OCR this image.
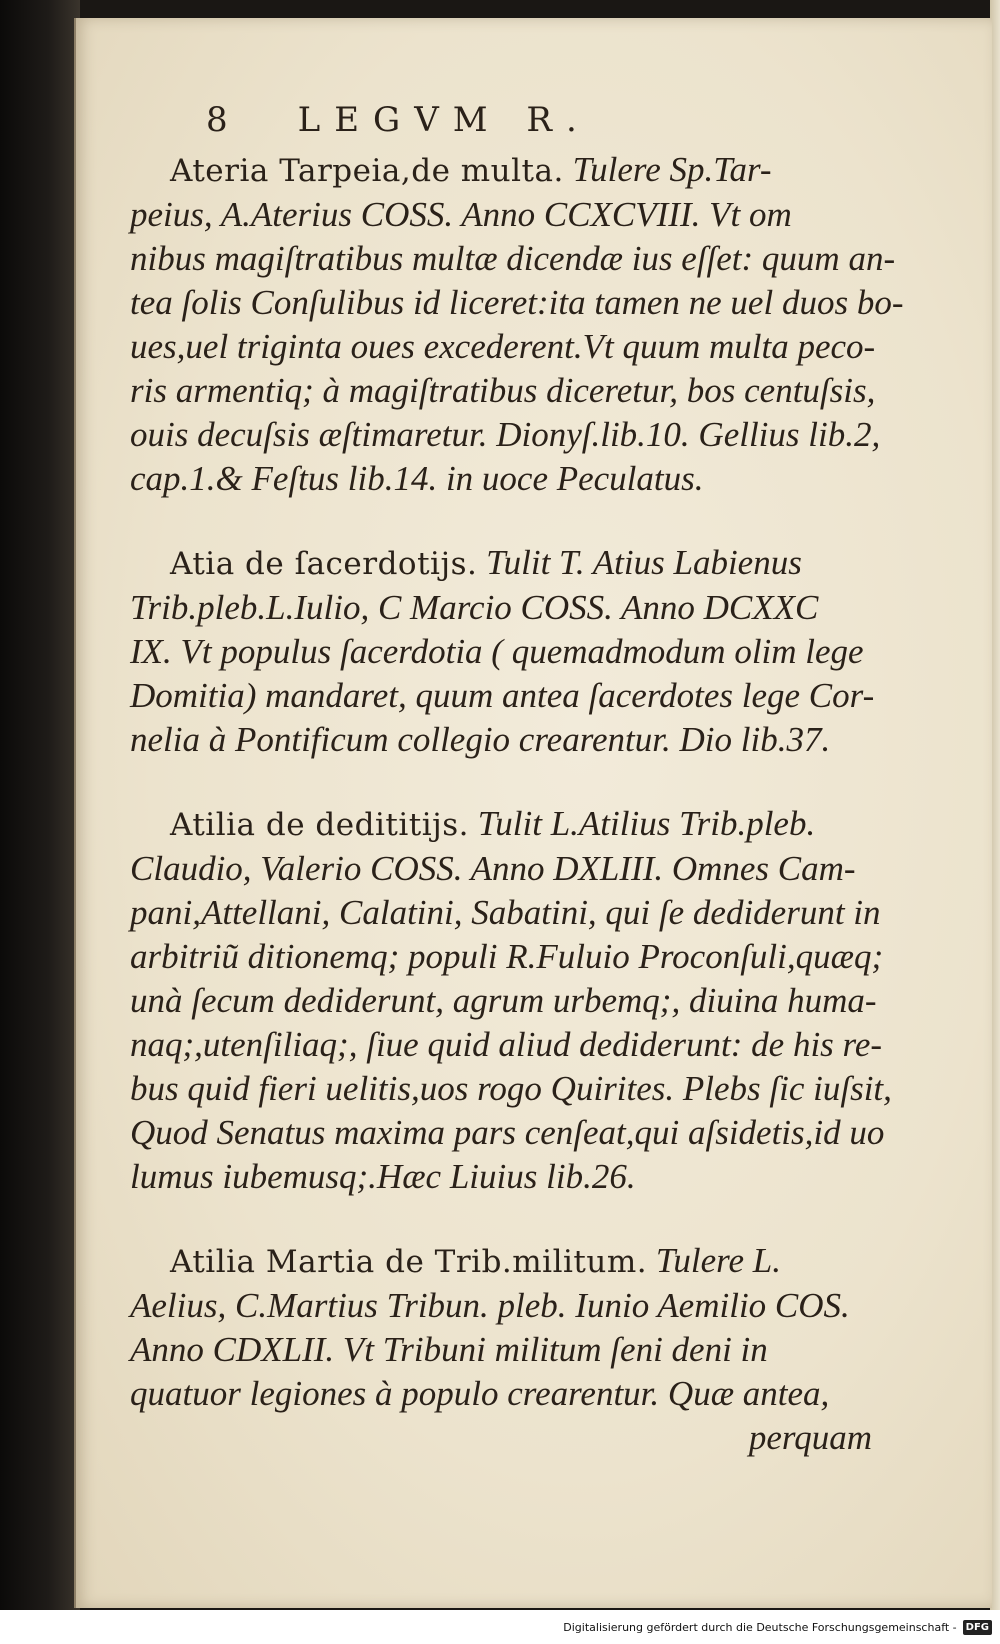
8 LEGVM R.
Ateria Tarpeia,de multa. Tulere Sp.Tar-
peius, A.Aterius COSS. Anno CCXCVIII. Vt om
nibus magiſtratibus multæ dicendæ ius eſſet: quum an-
tea ſolis Conſulibus id liceret:ita tamen ne uel duos bo-
ues,uel triginta oues excederent.Vt quum multa peco-
ris armentiq; à magiſtratibus diceretur, bos centuſsis,
ouis decuſsis æſtimaretur. Dionyſ.lib.10. Gellius lib.2,
cap.1.& Feſtus lib.14. in uoce Peculatus.
Atia de ſacerdotijs. Tulit T. Atius Labienus
Trib.pleb.L.Iulio, C Marcio COSS. Anno DCXXC
IX. Vt populus ſacerdotia ( quemadmodum olim lege
Domitia) mandaret, quum antea ſacerdotes lege Cor-
nelia à Pontificum collegio crearentur. Dio lib.37.
Atilia de dedititijs. Tulit L.Atilius Trib.pleb.
Claudio, Valerio COSS. Anno DXLIII. Omnes Cam-
pani,Attellani, Calatini, Sabatini, qui ſe dediderunt in
arbitriũ ditionemq; populi R.Fuluio Proconſuli,quæq;
unà ſecum dediderunt, agrum urbemq;, diuina huma-
naq;,utenſiliaq;, ſiue quid aliud dediderunt: de his re-
bus quid fieri uelitis,uos rogo Quirites. Plebs ſic iuſsit,
Quod Senatus maxima pars cenſeat,qui aſsidetis,id uo
lumus iubemusq;.Hæc Liuius lib.26.
Atilia Martia de Trib.militum. Tulere L.
Aelius, C.Martius Tribun. pleb. Iunio Aemilio COS.
Anno CDXLII. Vt Tribuni militum ſeni deni in
quatuor legiones à populo crearentur. Quæ antea,
perquam
Digitalisierung gefördert durch die Deutsche Forschungsgemeinschaft - DFG
